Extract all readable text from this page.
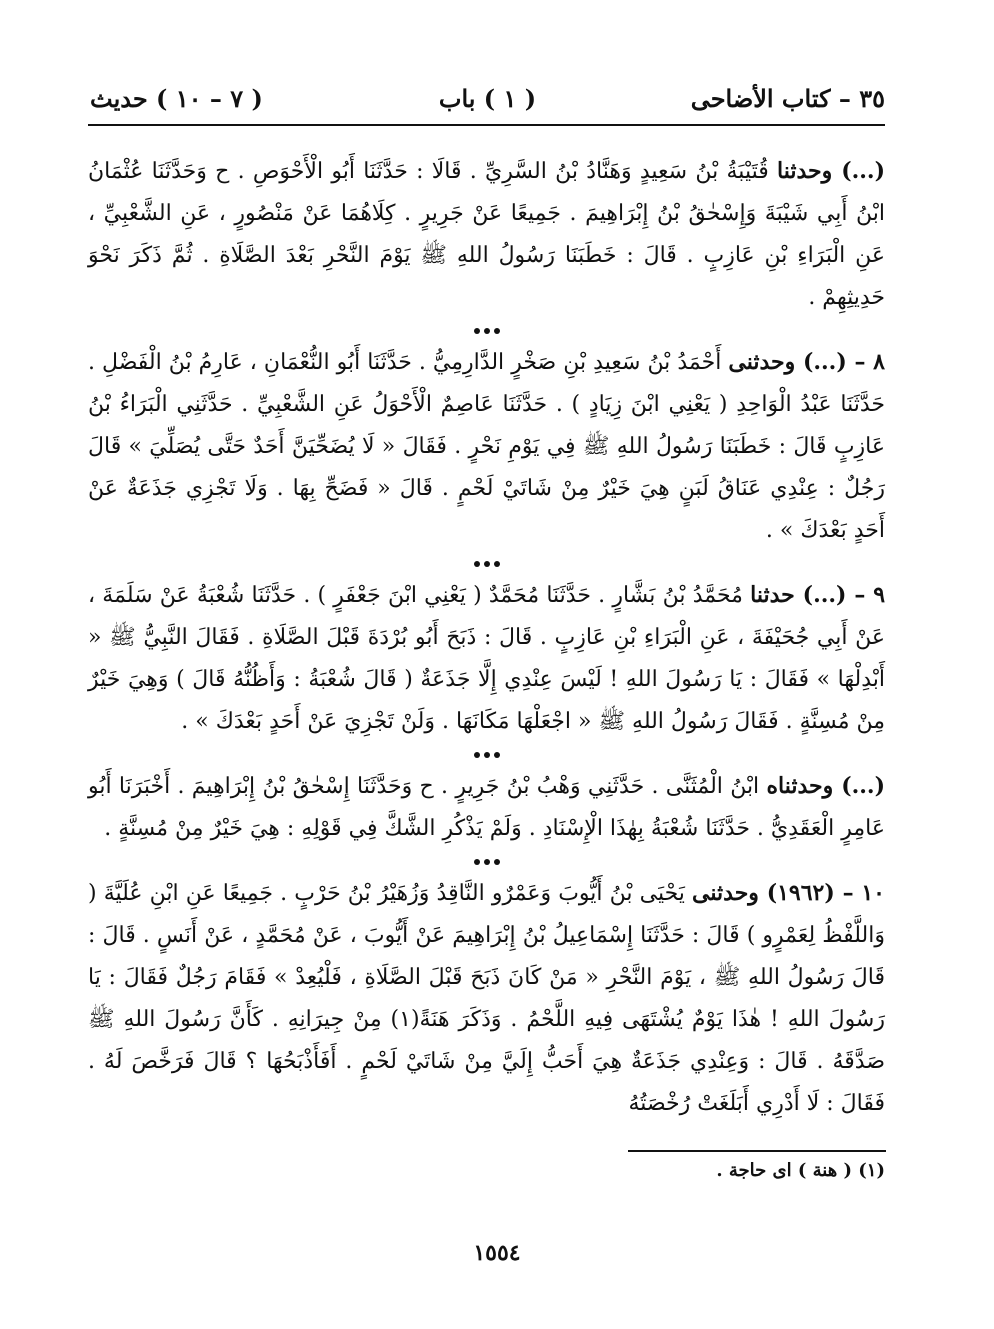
٣٥ – كتاب الأضاحى
( ١ ) باب
( ٧ – ١٠ ) حديث

(...) وحدثنا قُتَيْبَةُ بْنُ سَعِيدٍ وَهَنَّادُ بْنُ السَّرِيِّ . قَالَا : حَدَّثَنَا أَبُو الْأَحْوَصِ . ح وَحَدَّثَنَا عُثْمَانُ ابْنُ أَبِي شَيْبَةَ وَإِسْحٰقُ بْنُ إِبْرَاهِيمَ . جَمِيعًا عَنْ جَرِيرٍ . كِلَاهُمَا عَنْ مَنْصُورٍ ، عَنِ الشَّعْبِيِّ ، عَنِ الْبَرَاءِ بْنِ عَازِبٍ . قَالَ : خَطَبَنَا رَسُولُ اللهِ ﷺ يَوْمَ النَّحْرِ بَعْدَ الصَّلَاةِ . ثُمَّ ذَكَرَ نَحْوَ حَدِيثِهِمْ .

٨ – (...) وحدثنى أَحْمَدُ بْنُ سَعِيدِ بْنِ صَخْرٍ الدَّارِمِيُّ . حَدَّثَنَا أَبُو النُّعْمَانِ ، عَارِمُ بْنُ الْفَضْلِ . حَدَّثَنَا عَبْدُ الْوَاحِدِ ( يَعْنِي ابْنَ زِيَادٍ ) . حَدَّثَنَا عَاصِمٌ الْأَحْوَلُ عَنِ الشَّعْبِيِّ . حَدَّثَنِي الْبَرَاءُ بْنُ عَازِبٍ قَالَ : خَطَبَنَا رَسُولُ اللهِ ﷺ فِي يَوْمِ نَحْرٍ . فَقَالَ « لَا يُضَحِّيَنَّ أَحَدٌ حَتَّى يُصَلِّيَ » قَالَ رَجُلٌ : عِنْدِي عَنَاقُ لَبَنٍ هِيَ خَيْرٌ مِنْ شَاتَيْ لَحْمٍ . قَالَ « فَضَحِّ بِهَا . وَلَا تَجْزِي جَذَعَةٌ عَنْ أَحَدٍ بَعْدَكَ » .

٩ – (...) حدثنا مُحَمَّدُ بْنُ بَشَّارٍ . حَدَّثَنَا مُحَمَّدٌ ( يَعْنِي ابْنَ جَعْفَرٍ ) . حَدَّثَنَا شُعْبَةُ عَنْ سَلَمَةَ ، عَنْ أَبِي جُحَيْفَةَ ، عَنِ الْبَرَاءِ بْنِ عَازِبٍ . قَالَ : ذَبَحَ أَبُو بُرْدَةَ قَبْلَ الصَّلَاةِ . فَقَالَ النَّبِيُّ ﷺ « أَبْدِلْهَا » فَقَالَ : يَا رَسُولَ اللهِ ! لَيْسَ عِنْدِي إِلَّا جَذَعَةٌ ( قَالَ شُعْبَةُ : وَأَظُنُّهُ قَالَ ) وَهِيَ خَيْرٌ مِنْ مُسِنَّةٍ . فَقَالَ رَسُولُ اللهِ ﷺ « اجْعَلْهَا مَكَانَهَا . وَلَنْ تَجْزِيَ عَنْ أَحَدٍ بَعْدَكَ » .

(...) وحدثناه ابْنُ الْمُثَنَّى . حَدَّثَنِي وَهْبُ بْنُ جَرِيرٍ . ح وَحَدَّثَنَا إِسْحٰقُ بْنُ إِبْرَاهِيمَ . أَخْبَرَنَا أَبُو عَامِرٍ الْعَقَدِيُّ . حَدَّثَنَا شُعْبَةُ بِهٰذَا الْإِسْنَادِ . وَلَمْ يَذْكُرِ الشَّكَّ فِي قَوْلِهِ : هِيَ خَيْرٌ مِنْ مُسِنَّةٍ .

١٠ – (١٩٦٢) وحدثنى يَحْيَى بْنُ أَيُّوبَ وَعَمْرٌو النَّاقِدُ وَزُهَيْرُ بْنُ حَرْبٍ . جَمِيعًا عَنِ ابْنِ عُلَيَّةَ ( وَاللَّفْظُ لِعَمْرٍو ) قَالَ : حَدَّثَنَا إِسْمَاعِيلُ بْنُ إِبْرَاهِيمَ عَنْ أَيُّوبَ ، عَنْ مُحَمَّدٍ ، عَنْ أَنَسٍ . قَالَ : قَالَ رَسُولُ اللهِ ﷺ ، يَوْمَ النَّحْرِ « مَنْ كَانَ ذَبَحَ قَبْلَ الصَّلَاةِ ، فَلْيُعِدْ » فَقَامَ رَجُلٌ فَقَالَ : يَا رَسُولَ اللهِ ! هٰذَا يَوْمٌ يُشْتَهَى فِيهِ اللَّحْمُ . وَذَكَرَ هَنَةً(١) مِنْ جِيرَانِهِ . كَأَنَّ رَسُولَ اللهِ ﷺ صَدَّقَهُ . قَالَ : وَعِنْدِي جَذَعَةٌ هِيَ أَحَبُّ إِلَيَّ مِنْ شَاتَيْ لَحْمٍ . أَفَأَذْبَحُهَا ؟ قَالَ فَرَخَّصَ لَهُ . فَقَالَ : لَا أَدْرِي أَبَلَغَتْ رُخْصَتُهُ

(١) ( هنة ) اى حاجة .
١٥٥٤
